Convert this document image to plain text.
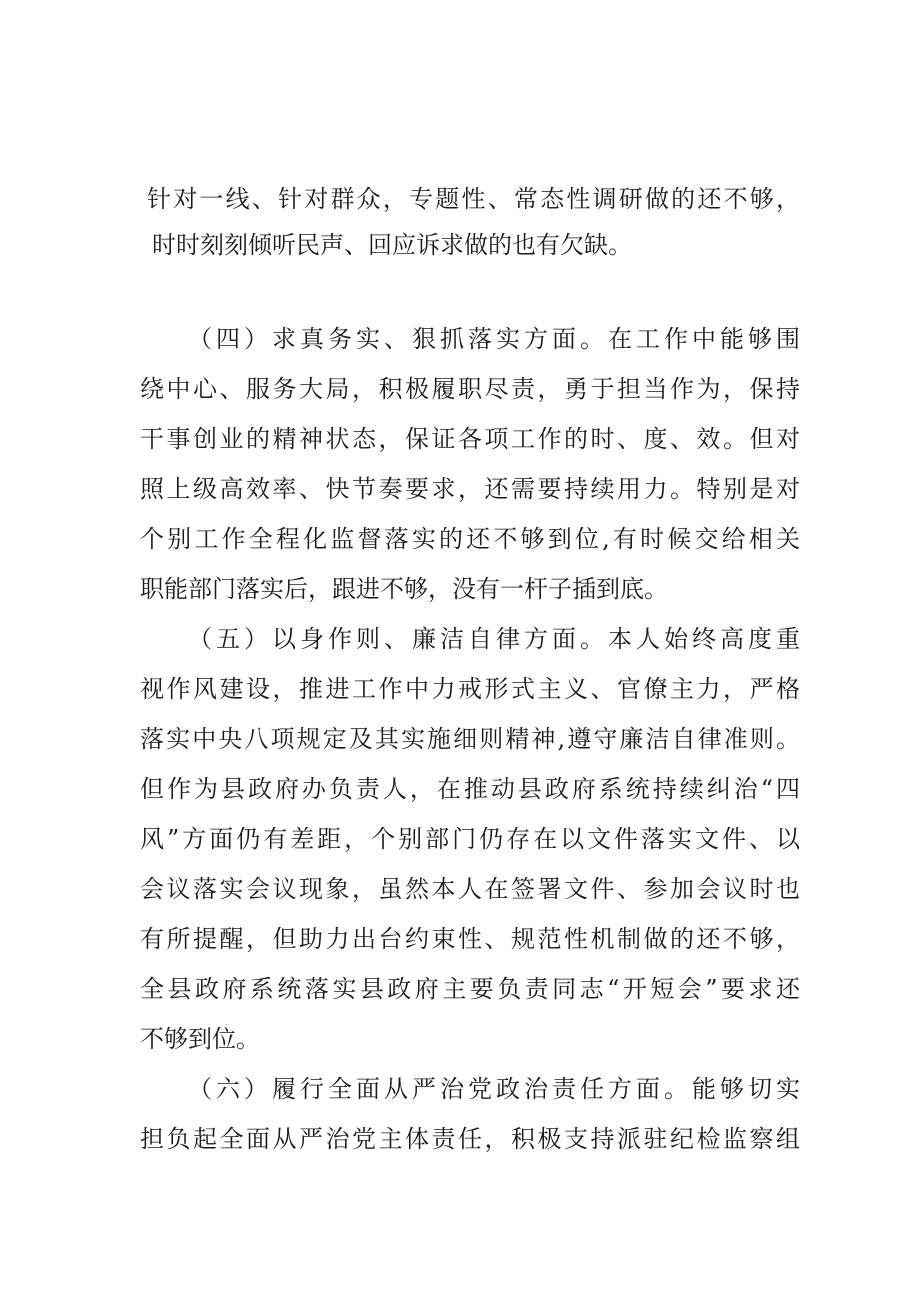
针对一线、针对群众，专题性、常态性调研做的还不够，
时时刻刻倾听民声、回应诉求做的也有欠缺。
（四）求真务实、狠抓落实方面。在工作中能够围
绕中心、服务大局，积极履职尽责，勇于担当作为，保持
干事创业的精神状态，保证各项工作的时、度、效。但对
照上级高效率、快节奏要求，还需要持续用力。特别是对
个别工作全程化监督落实的还不够到位,有时候交给相关
职能部门落实后，跟进不够，没有一杆子插到底。
（五）以身作则、廉洁自律方面。本人始终高度重
视作风建设，推进工作中力戒形式主义、官僚主力，严格
落实中央八项规定及其实施细则精神,遵守廉洁自律准则。
但作为县政府办负责人，在推动县政府系统持续纠治“四
风”方面仍有差距，个别部门仍存在以文件落实文件、以
会议落实会议现象，虽然本人在签署文件、参加会议时也
有所提醒，但助力出台约束性、规范性机制做的还不够，
全县政府系统落实县政府主要负责同志“开短会”要求还
不够到位。
（六）履行全面从严治党政治责任方面。能够切实
担负起全面从严治党主体责任，积极支持派驻纪检监察组
